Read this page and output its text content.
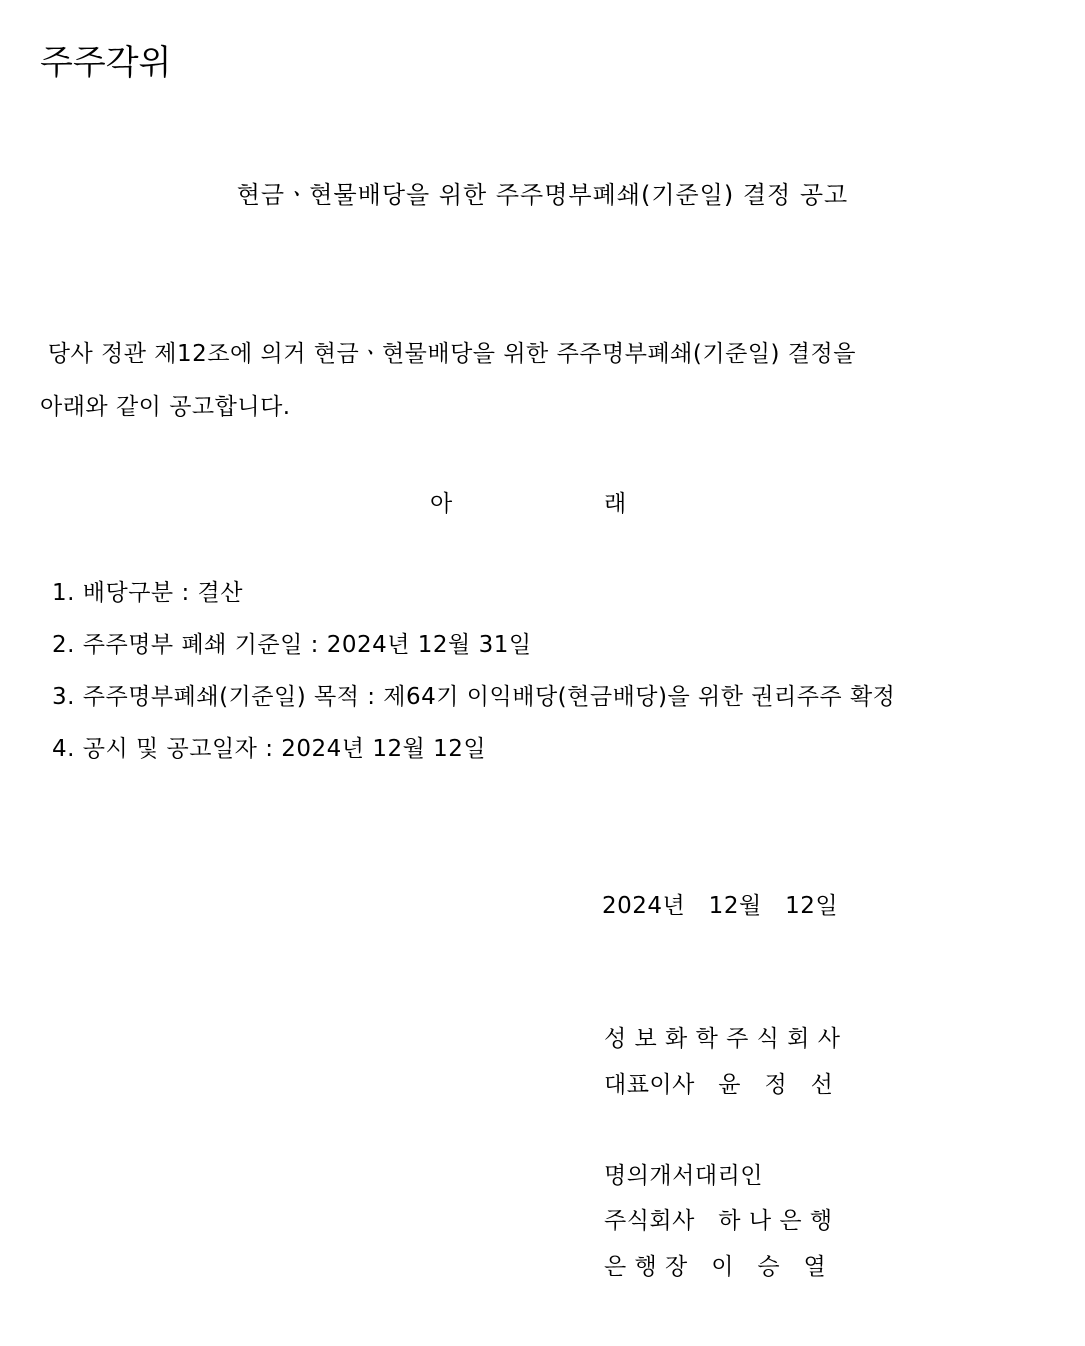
주주각위
현금ㆍ현물배당을 위한 주주명부폐쇄(기준일) 결정 공고
당사 정관 제12조에 의거 현금ㆍ현물배당을 위한 주주명부폐쇄(기준일) 결정을
아래와 같이 공고합니다.
아	래
1. 배당구분 : 결산
2. 주주명부 폐쇄 기준일 : 2024년 12월 31일
3. 주주명부폐쇄(기준일) 목적 : 제64기 이익배당(현금배당)을 위한 권리주주 확정
4. 공시 및 공고일자 : 2024년 12월 12일
2024년   12월   12일
성 보 화 학 주 식 회 사
대표이사   윤   정   선
명의개서대리인
주식회사   하 나 은 행
은 행 장   이   승   열
